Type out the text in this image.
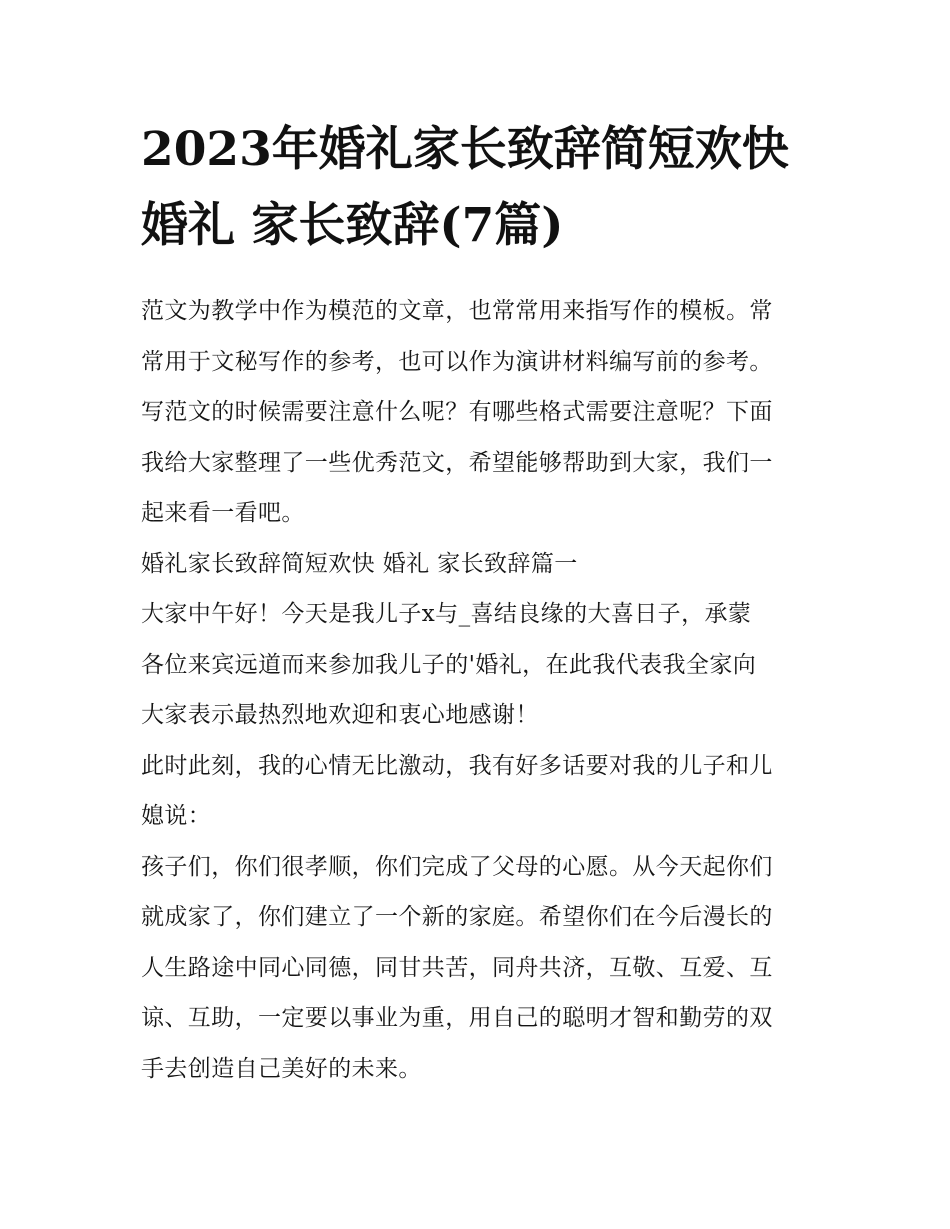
2023年婚礼家长致辞简短欢快
婚礼 家长致辞(7篇)

范文为教学中作为模范的文章，也常常用来指写作的模板。常
常用于文秘写作的参考，也可以作为演讲材料编写前的参考。
写范文的时候需要注意什么呢？有哪些格式需要注意呢？下面
我给大家整理了一些优秀范文，希望能够帮助到大家，我们一
起来看一看吧。

婚礼家长致辞简短欢快 婚礼 家长致辞篇一

大家中午好！今天是我儿子x与_喜结良缘的大喜日子，承蒙
各位来宾远道而来参加我儿子的'婚礼，在此我代表我全家向
大家表示最热烈地欢迎和衷心地感谢！

此时此刻，我的心情无比激动，我有好多话要对我的儿子和儿
媳说：

孩子们，你们很孝顺，你们完成了父母的心愿。从今天起你们
就成家了，你们建立了一个新的家庭。希望你们在今后漫长的
人生路途中同心同德，同甘共苦，同舟共济，互敬、互爱、互
谅、互助，一定要以事业为重，用自己的聪明才智和勤劳的双
手去创造自己美好的未来。
